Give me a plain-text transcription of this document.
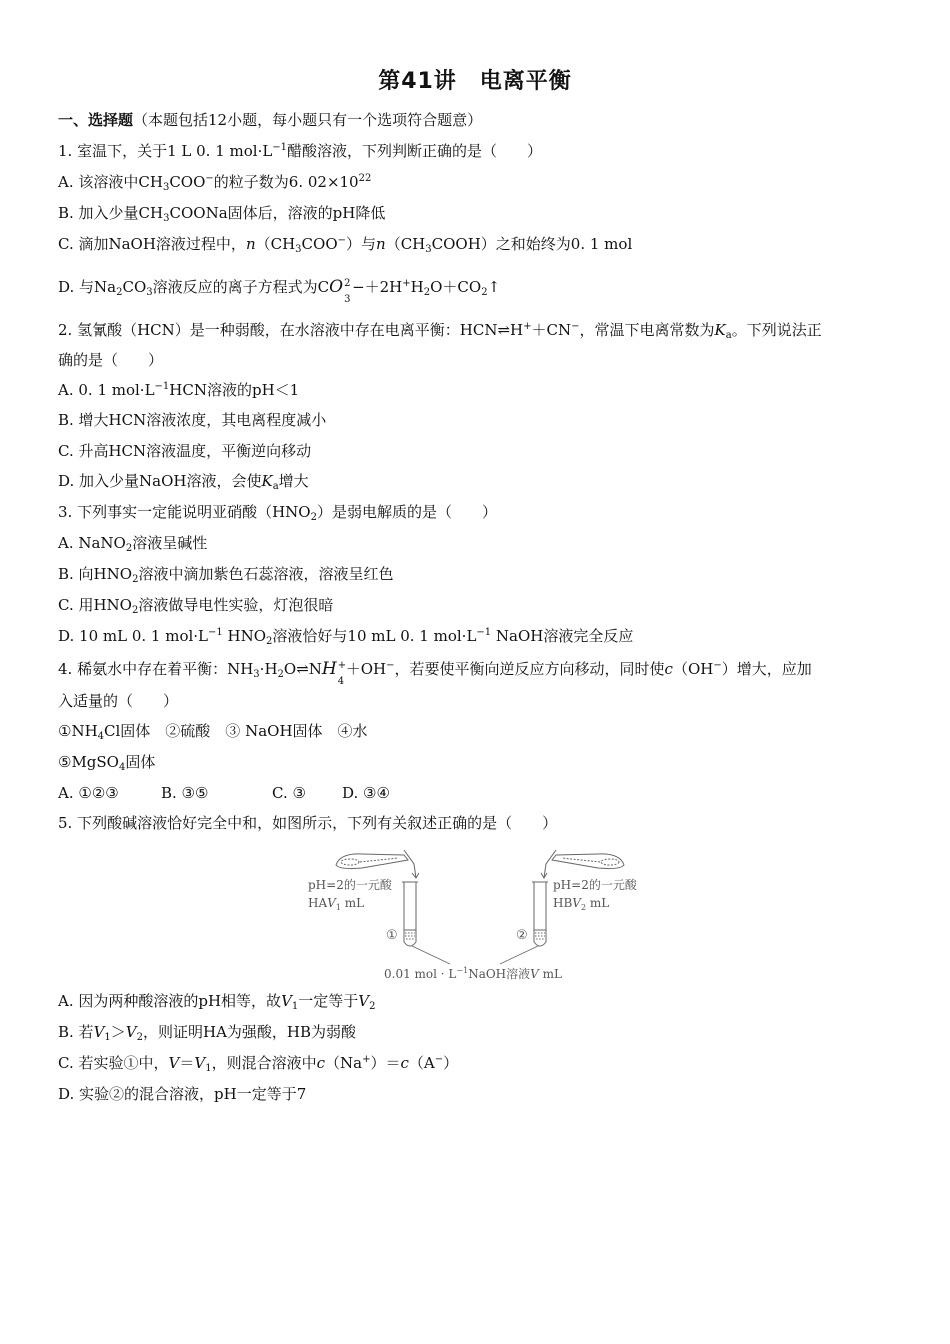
第41讲　电离平衡
一、选择题（本题包括12小题，每小题只有一个选项符合题意）
1. 室温下，关于1 L 0. 1 $mol\cdot L^{-1}$醋酸溶液，下列判断正确的是（　　）
A. 该溶液中$CH_3COO^-$的粒子数为6. $02\times 10^{22}$
B. 加入少量$CH_3COONa$固体后，溶液的pH降低
C. 滴加NaOH溶液过程中，$n(CH_3COO^-)$与$n(CH_3COOH)$之和始终为0. 1 mol
D. 与$Na_2CO_3$溶液反应的离子方程式为CO 2
3
$-+2H^+H_2O+CO_2↑$
2. 氢氰酸（HCN）是一种弱酸，在水溶液中存在电离平衡：HCN⇌H+＋CN−，常温下电离常数为$K_a$。下列说法正
确的是（　　）
A. 0. 1 $mol\cdot L^{-1}HCN$溶液的pH＜1
B. 增大HCN溶液浓度，其电离程度减小
C. 升高HCN溶液温度，平衡逆向移动
D. 加入少量NaOH溶液，会使$K_a$增大
3. 下列事实一定能说明亚硝酸$(HNO_2)$是弱电解质的是（　　）
A. NaNO$_2$溶液呈碱性
B. 向$HNO_2$溶液中滴加紫色石蕊溶液，溶液呈红色
C. 用$HNO_2$溶液做导电性实验，灯泡很暗
D. 10 mL 0. 1 $mol\cdot L^{-1}$ $HNO_2$溶液恰好与10 mL 0. 1 $mol\cdot L^{-1}$ NaOH溶液完全反应
4. 稀氨水中存在着平衡：$NH_3\cdot H_2O\rightleftharpoons NH$ +
4
＋OH−，若要使平衡向逆反应方向移动，同时使c（OH−）增大，应加
入适量的（　　）
$①NH_4Cl$固体　②硫酸　③ NaOH固体　④水
⑤MgSO$_4$固体
A. ①②③	B. ③⑤	C. ③ D. ③④
5. 下列酸碱溶液恰好完全中和，如图所示，下列有关叙述正确的是（　　）
pH=2的一元酸
$HAV_1$ mL
pH=2的一元酸
$HBV_2$ mL
①	②
0.01 mol · $L^{-1}NaOH$溶液V mL
A. 因为两种酸溶液的pH相等，故$V_1$一定等于$V_2$
B. 若$V_1>V_2$，则证明HA为强酸，HB为弱酸
C. 若实验①中，$V=V_1$，则混合溶液中c（Na+）＝c（A−）
D. 实验②的混合溶液，pH一定等于7
